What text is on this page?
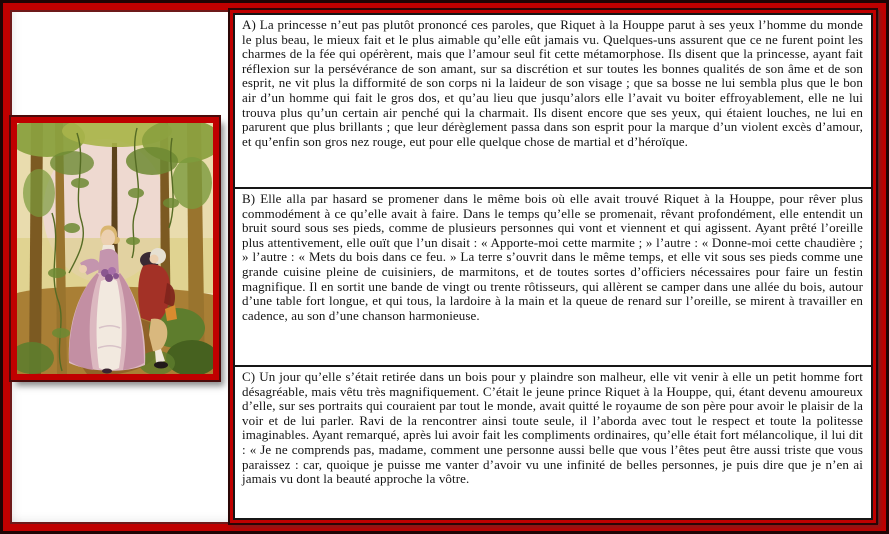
A) La princesse n’eut pas plutôt prononcé ces paroles, que Riquet à la Houppe parut à ses yeux l’homme du monde le plus beau, le mieux fait et le plus aimable qu’elle eût jamais vu. Quelques-uns assurent que ce ne furent point les charmes de la fée qui opérèrent, mais que l’amour seul fit cette métamorphose. Ils disent que la princesse, ayant fait réflexion sur la persévérance de son amant, sur sa discrétion et sur toutes les bonnes qualités de son âme et de son esprit, ne vit plus la difformité de son corps ni la laideur de son visage ; que sa bosse ne lui sembla plus que le bon air d’un homme qui fait le gros dos, et qu’au lieu que jusqu’alors elle l’avait vu boiter effroyablement, elle ne lui trouva plus qu’un certain air penché qui la charmait. Ils disent encore que ses yeux, qui étaient louches, ne lui en parurent que plus brillants ; que leur dérèglement passa dans son esprit pour la marque d’un violent excès d’amour, et qu’enfin son gros nez rouge, eut pour elle quelque chose de martial et d’héroïque.

B) Elle alla par hasard se promener dans le même bois où elle avait trouvé Riquet à la Houppe, pour rêver plus commodément à ce qu’elle avait à faire. Dans le temps qu’elle se promenait, rêvant profondément, elle entendit un bruit sourd sous ses pieds, comme de plusieurs personnes qui vont et viennent et qui agissent. Ayant prêté l’oreille plus attentivement, elle ouït que l’un disait : « Apporte-moi cette marmite ; » l’autre : « Donne-moi cette chaudière ; » l’autre : « Mets du bois dans ce feu. » La terre s’ouvrit dans le même temps, et elle vit sous ses pieds comme une grande cuisine pleine de cuisiniers, de marmitons, et de toutes sortes d’officiers nécessaires pour faire un festin magnifique. Il en sortit une bande de vingt ou trente rôtisseurs, qui allèrent se camper dans une allée du bois, autour d’une table fort longue, et qui tous, la lardoire à la main et la queue de renard sur l’oreille, se mirent à travailler en cadence, au son d’une chanson harmonieuse.

C) Un jour qu’elle s’était retirée dans un bois pour y plaindre son malheur, elle vit venir à elle un petit homme fort désagréable, mais vêtu très magnifiquement. C’était le jeune prince Riquet à la Houppe, qui, étant devenu amoureux d’elle, sur ses portraits qui couraient par tout le monde, avait quitté le royaume de son père pour avoir le plaisir de la voir et de lui parler. Ravi de la rencontrer ainsi toute seule, il l’aborda avec tout le respect et toute la politesse imaginables. Ayant remarqué, après lui avoir fait les compliments ordinaires, qu’elle était fort mélancolique, il lui dit : « Je ne comprends pas, madame, comment une personne aussi belle que vous l’êtes peut être aussi triste que vous paraissez : car, quoique je puisse me vanter d’avoir vu une infinité de belles personnes, je puis dire que je n’en ai jamais vu dont la beauté approche la vôtre.
